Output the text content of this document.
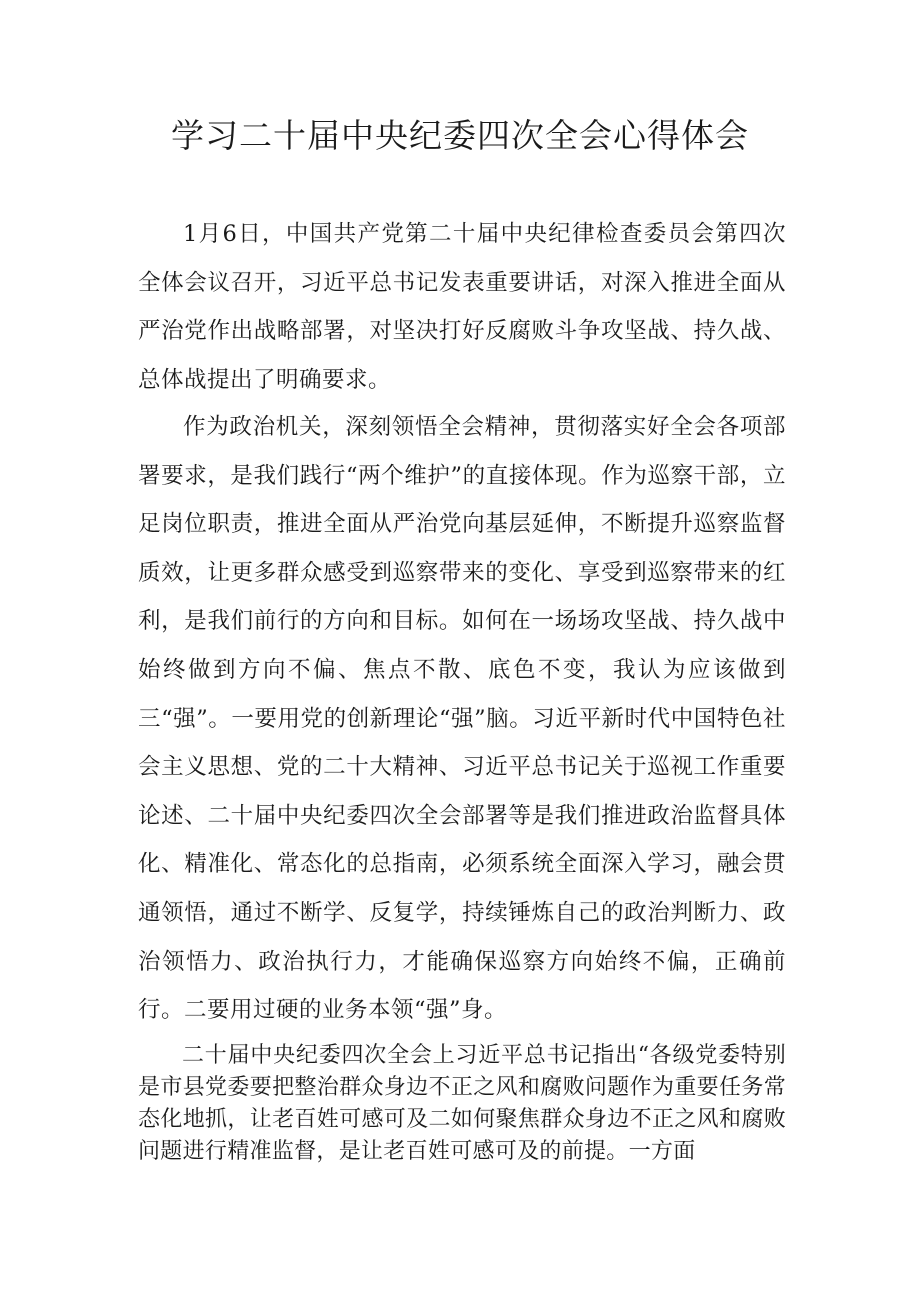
学习二十届中央纪委四次全会心得体会

1月6日，中国共产党第二十届中央纪律检查委员会第四次全体会议召开，习近平总书记发表重要讲话，对深入推进全面从严治党作出战略部署，对坚决打好反腐败斗争攻坚战、持久战、总体战提出了明确要求。

作为政治机关，深刻领悟全会精神，贯彻落实好全会各项部署要求，是我们践行“两个维护”的直接体现。作为巡察干部，立足岗位职责，推进全面从严治党向基层延伸，不断提升巡察监督质效，让更多群众感受到巡察带来的变化、享受到巡察带来的红利，是我们前行的方向和目标。如何在一场场攻坚战、持久战中始终做到方向不偏、焦点不散、底色不变，我认为应该做到三“强”。一要用党的创新理论“强”脑。习近平新时代中国特色社会主义思想、党的二十大精神、习近平总书记关于巡视工作重要论述、二十届中央纪委四次全会部署等是我们推进政治监督具体化、精准化、常态化的总指南，必须系统全面深入学习，融会贯通领悟，通过不断学、反复学，持续锤炼自己的政治判断力、政治领悟力、政治执行力，才能确保巡察方向始终不偏，正确前行。二要用过硬的业务本领“强”身。

二十届中央纪委四次全会上习近平总书记指出“各级党委特别是市县党委要把整治群众身边不正之风和腐败问题作为重要任务常态化地抓，让老百姓可感可及二如何聚焦群众身边不正之风和腐败问题进行精准监督，是让老百姓可感可及的前提。一方面
